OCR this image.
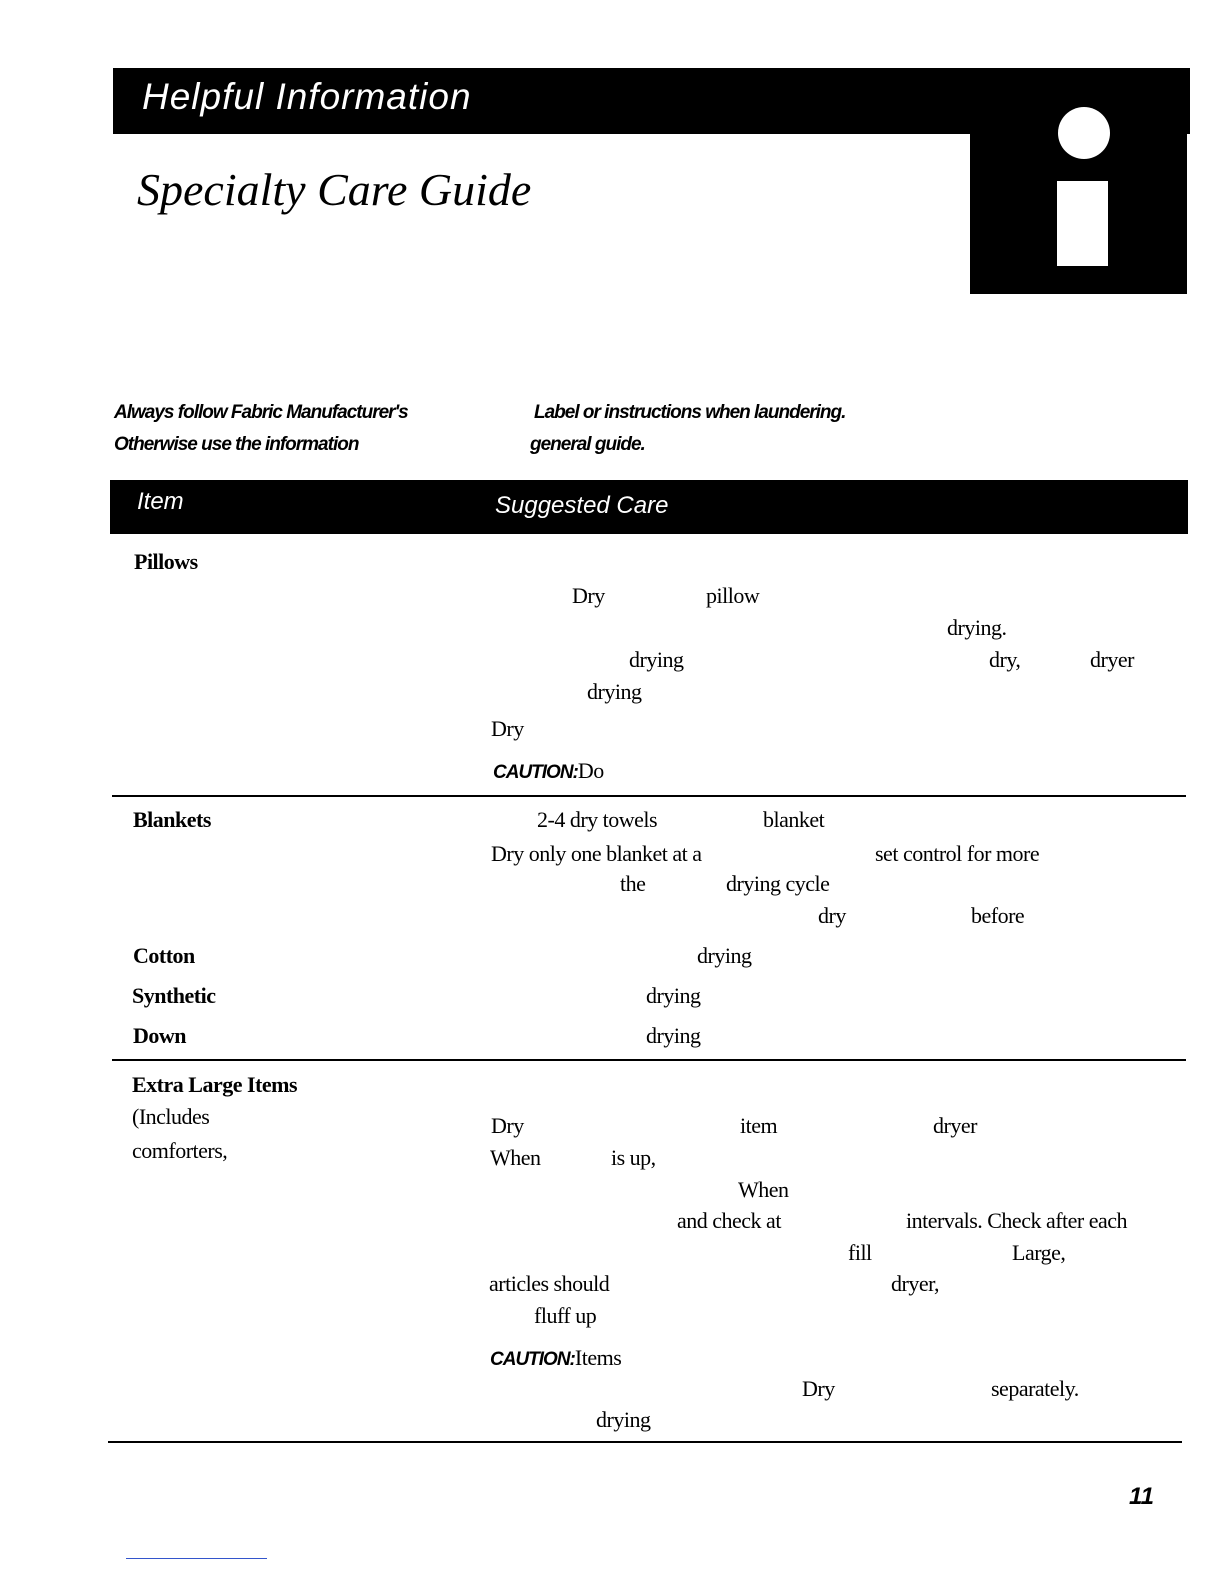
Helpful Information
Specialty Care Guide
Always follow Fabric Manufacturer's	Label or instructions when laundering.
Otherwise use the information	general guide.
Item	Suggested Care
Pillows
Dry	pillow
drying.
drying	dry,	dryer
drying
Dry
CAUTION:Do
Blankets	2-4 dry towels	blanket
Dry only one blanket at a	set control for more
the	drying cycle
dry	before
Cotton	drying
Synthetic	drying
Down	drying
Extra Large Items
(Includes
comforters,
Dry	item	dryer
When	is up,
When
and check at	intervals. Check after each
fill	Large,
articles should	dryer,
fluff up
CAUTION:Items
Dry	separately.
drying
11
